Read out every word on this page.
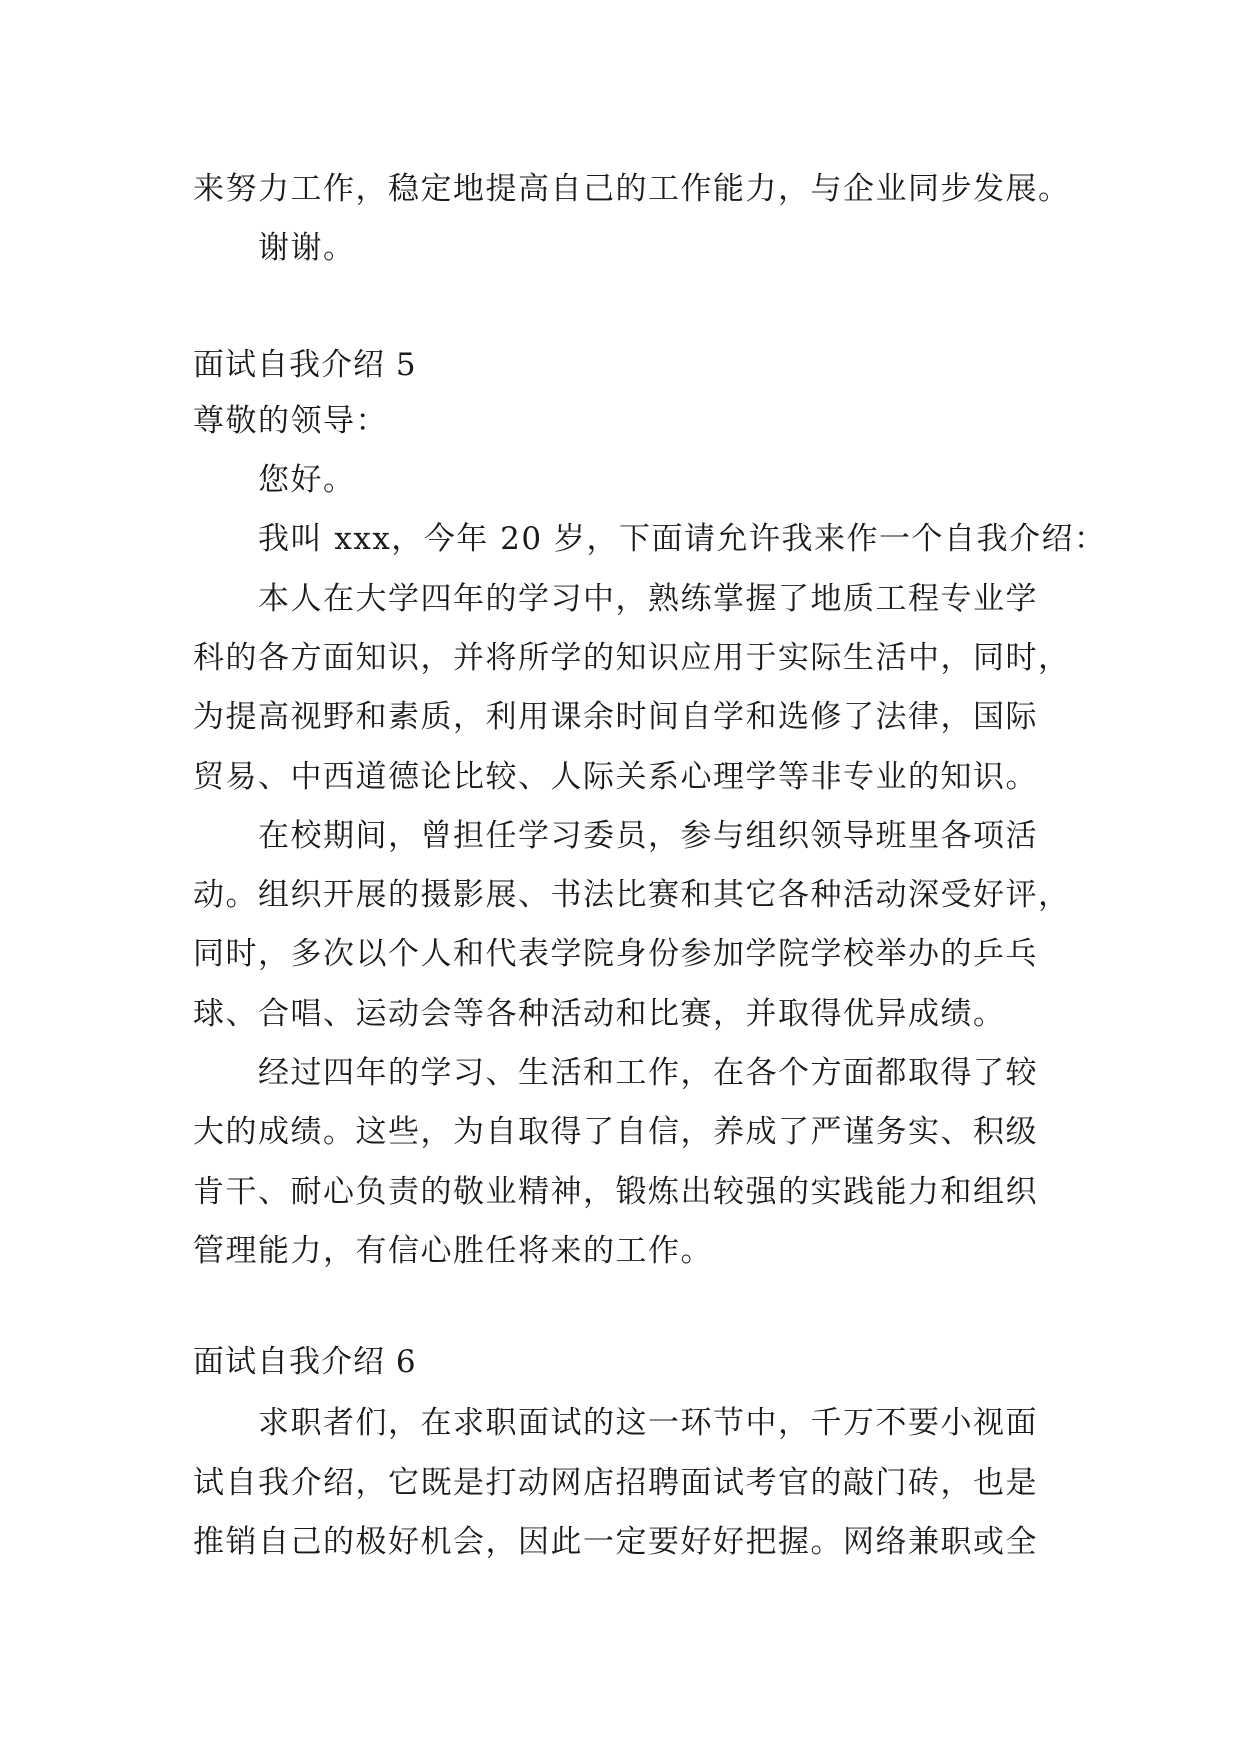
来努力工作，稳定地提高自己的工作能力，与企业同步发展。
谢谢。
面试自我介绍 5
尊敬的领导：
您好。
我叫 xxx，今年 20 岁，下面请允许我来作一个自我介绍：
本人在大学四年的学习中，熟练掌握了地质工程专业学
科的各方面知识，并将所学的知识应用于实际生活中，同时，
为提高视野和素质，利用课余时间自学和选修了法律，国际
贸易、中西道德论比较、人际关系心理学等非专业的知识。
在校期间，曾担任学习委员，参与组织领导班里各项活
动。组织开展的摄影展、书法比赛和其它各种活动深受好评，
同时，多次以个人和代表学院身份参加学院学校举办的乒乓
球、合唱、运动会等各种活动和比赛，并取得优异成绩。
经过四年的学习、生活和工作，在各个方面都取得了较
大的成绩。这些，为自取得了自信，养成了严谨务实、积级
肯干、耐心负责的敬业精神，锻炼出较强的实践能力和组织
管理能力，有信心胜任将来的工作。
面试自我介绍 6
求职者们，在求职面试的这一环节中，千万不要小视面
试自我介绍，它既是打动网店招聘面试考官的敲门砖，也是
推销自己的极好机会，因此一定要好好把握。网络兼职或全
